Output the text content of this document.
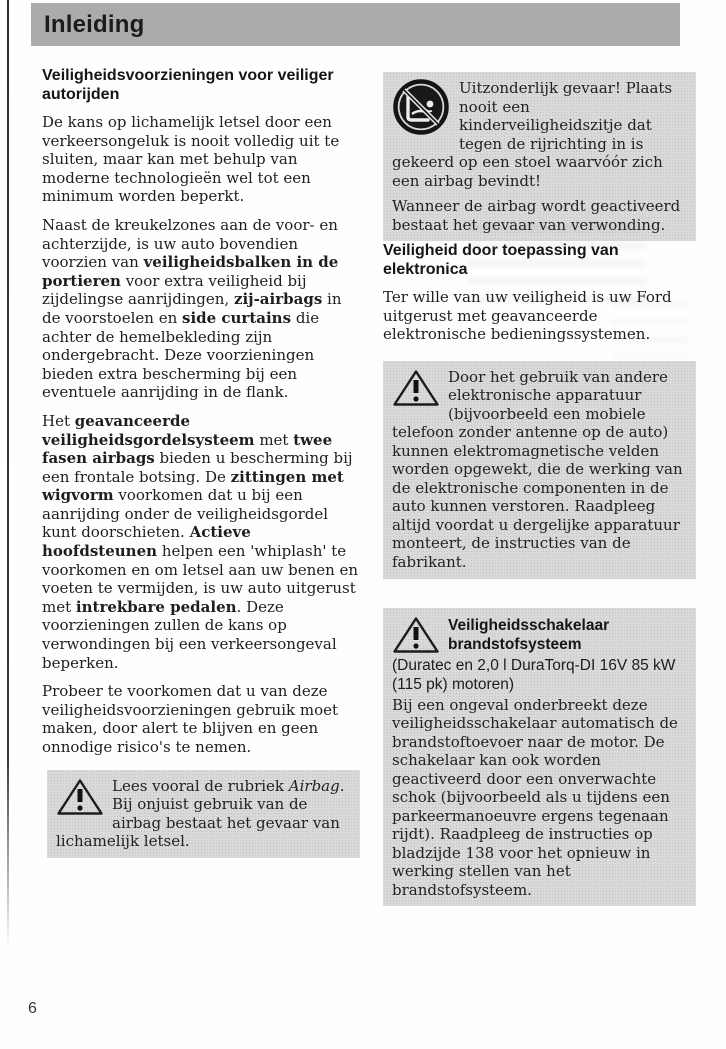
Inleiding
Veiligheidsvoorzieningen voor veiliger autorijden

De kans op lichamelijk letsel door een verkeersongeluk is nooit volledig uit te sluiten, maar kan met behulp van moderne technologieën wel tot een minimum worden beperkt.

Naast de kreukelzones aan de voor- en achterzijde, is uw auto bovendien voorzien van veiligheidsbalken in de portieren voor extra veiligheid bij zijdelingse aanrijdingen, zij-airbags in de voorstoelen en side curtains die achter de hemelbekleding zijn ondergebracht. Deze voorzieningen bieden extra bescherming bij een eventuele aanrijding in de flank.

Het geavanceerde veiligheidsgordelsysteem met twee fasen airbags bieden u bescherming bij een frontale botsing. De zittingen met wigvorm voorkomen dat u bij een aanrijding onder de veiligheidsgordel kunt doorschieten. Actieve hoofdsteunen helpen een 'whiplash' te voorkomen en om letsel aan uw benen en voeten te vermijden, is uw auto uitgerust met intrekbare pedalen. Deze voorzieningen zullen de kans op verwondingen bij een verkeersongeval beperken.

Probeer te voorkomen dat u van deze veiligheidsvoorzieningen gebruik moet maken, door alert te blijven en geen onnodige risico's te nemen.

Lees vooral de rubriek Airbag. Bij onjuist gebruik van de airbag bestaat het gevaar van lichamelijk letsel.

Uitzonderlijk gevaar! Plaats nooit een kinderveiligheidszitje dat tegen de rijrichting in is gekeerd op een stoel waarvóór zich een airbag bevindt!

Wanneer de airbag wordt geactiveerd bestaat het gevaar van verwonding.

Veiligheid door toepassing van elektronica

Ter wille van uw veiligheid is uw Ford uitgerust met geavanceerde elektronische bedieningssystemen.

Door het gebruik van andere elektronische apparatuur (bijvoorbeeld een mobiele telefoon zonder antenne op de auto) kunnen elektromagnetische velden worden opgewekt, die de werking van de elektronische componenten in de auto kunnen verstoren. Raadpleeg altijd voordat u dergelijke apparatuur monteert, de instructies van de fabrikant.

Veiligheidsschakelaar
brandstofsysteem
(Duratec en 2,0 l DuraTorq-DI 16V 85 kW (115 pk) motoren)

Bij een ongeval onderbreekt deze veiligheidsschakelaar automatisch de brandstoftoevoer naar de motor. De schakelaar kan ook worden geactiveerd door een onverwachte schok (bijvoorbeeld als u tijdens een parkeermanoeuvre ergens tegenaan rijdt). Raadpleeg de instructies op bladzijde 138 voor het opnieuw in werking stellen van het brandstofsysteem.

6
